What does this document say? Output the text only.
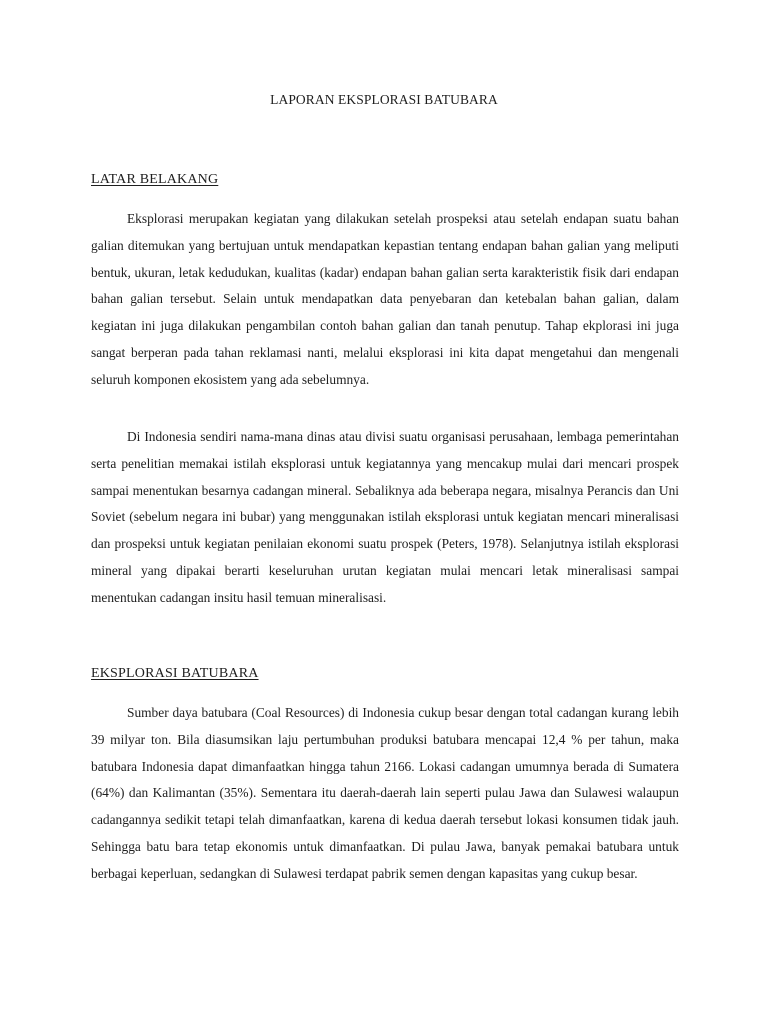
LAPORAN EKSPLORASI BATUBARA
LATAR BELAKANG

Eksplorasi merupakan kegiatan yang dilakukan setelah prospeksi atau setelah endapan suatu bahan galian ditemukan yang bertujuan untuk mendapatkan kepastian tentang endapan bahan galian yang meliputi bentuk, ukuran, letak kedudukan, kualitas (kadar) endapan bahan galian serta karakteristik fisik dari endapan bahan galian tersebut. Selain untuk mendapatkan data penyebaran dan ketebalan bahan galian, dalam kegiatan ini juga dilakukan pengambilan contoh bahan galian dan tanah penutup. Tahap ekplorasi ini juga sangat berperan pada tahan reklamasi nanti, melalui eksplorasi ini kita dapat mengetahui dan mengenali seluruh komponen ekosistem yang ada sebelumnya.

Di Indonesia sendiri nama-mana dinas atau divisi suatu organisasi perusahaan, lembaga pemerintahan serta penelitian memakai istilah eksplorasi untuk kegiatannya yang mencakup mulai dari mencari prospek sampai menentukan besarnya cadangan mineral. Sebaliknya ada beberapa negara, misalnya Perancis dan Uni Soviet (sebelum negara ini bubar) yang menggunakan istilah eksplorasi untuk kegiatan mencari mineralisasi dan prospeksi untuk kegiatan penilaian ekonomi suatu prospek (Peters, 1978). Selanjutnya istilah eksplorasi mineral yang dipakai berarti keseluruhan urutan kegiatan mulai mencari letak mineralisasi sampai menentukan cadangan insitu hasil temuan mineralisasi.

EKSPLORASI BATUBARA

Sumber daya batubara (Coal Resources) di Indonesia cukup besar dengan total cadangan kurang lebih 39 milyar ton. Bila diasumsikan laju pertumbuhan produksi batubara mencapai 12,4 % per tahun, maka batubara Indonesia dapat dimanfaatkan hingga tahun 2166. Lokasi cadangan umumnya berada di Sumatera (64%) dan Kalimantan (35%). Sementara itu daerah-daerah lain seperti pulau Jawa dan Sulawesi walaupun cadangannya sedikit tetapi telah dimanfaatkan, karena di kedua daerah tersebut lokasi konsumen tidak jauh. Sehingga batu bara tetap ekonomis untuk dimanfaatkan. Di pulau Jawa, banyak pemakai batubara untuk berbagai keperluan, sedangkan di Sulawesi terdapat pabrik semen dengan kapasitas yang cukup besar.
